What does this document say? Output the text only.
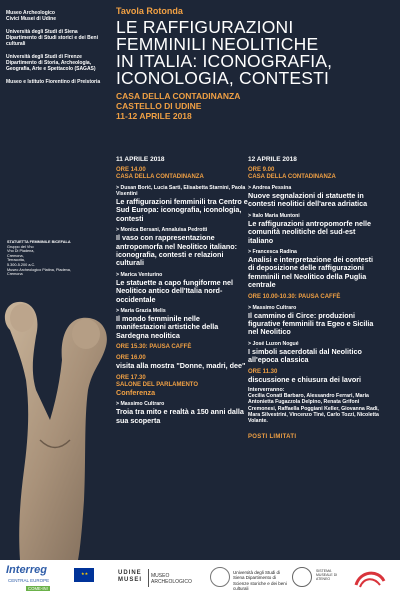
Museo Archeologico
Civici Musei di Udine
Università degli Studi di Siena
Dipartimento di Studi storici e dei Beni culturali
Università degli Studi di Firenze
Dipartimento di Storia, Archeologia, Geografia, Arte e Spettacolo (SAGAS)
Museo e Istituto Fiorentino di Preistoria
STATUETTA FEMMINILE BICEFALA
Gruppo del Vho
Vho Di Piadena,
Cremona,
Terracotta,
5.300-5.200 a.C.
Museo Archeologico Platina, Piadena, Cremona
Tavola Rotonda
LE RAFFIGURAZIONI
FEMMINILI NEOLITICHE
IN ITALIA: ICONOGRAFIA,
ICONOLOGIA, CONTESTI
CASA DELLA CONTADINANZA
CASTELLO DI UDINE
11-12 APRILE 2018
11 APRILE 2018
ORE 14.00
CASA DELLA CONTADINANZA
> Dusan Borić, Lucia Sarti, Elisabetta Starnini, Paola Visentini
Le raffigurazioni femminili tra Centro e Sud Europa: iconografia, iconologia, contesti
> Monica Bersani, Annaluisa Pedrotti
Il vaso con rappresentazione antropomorfa nel Neolitico italiano: iconografia, contesti e relazioni culturali
> Marica Venturino
Le statuette a capo fungiforme nel Neolitico antico dell'Italia nord-occidentale
> Maria Grazia Melis
Il mondo femminile nelle manifestazioni artistiche della Sardegna neolitica
ORE 15.30: PAUSA CAFFÈ
ORE 16.00
visita alla mostra "Donne, madri, dee"
ORE 17.30
SALONE DEL PARLAMENTO
Conferenza
> Massimo Cultraro
Troia tra mito e realtà a 150 anni dalla sua scoperta
12 APRILE 2018
ORE 9.00
CASA DELLA CONTADINANZA
> Andrea Pessina
Nuove segnalazioni di statuette in contesti neolitici dell'area adriatica
> Italo Maria Muntoni
Le raffigurazioni antropomorfe nelle comunità neolitiche del sud-est italiano
> Francesca Radina
Analisi e interpretazione dei contesti di deposizione delle raffigurazioni femminili nel Neolitico della Puglia centrale
ORE 10.00-10.30: PAUSA CAFFÈ
> Massimo Cultraro
Il cammino di Circe: produzioni figurative femminili tra Egeo e Sicilia nel Neolitico
> José Luzon Nogué
I simboli sacerdotali dal Neolitico all'epoca classica
ORE 11.30
discussione e chiusura dei lavori
Interverranno:
Cecilia Conati Barbaro, Alessandro Ferrari, Maria Antonietta Fugazzola Delpino, Renata Grifoni Cremonesi, Raffaella Poggiani Keller, Giovanna Radi, Mara Silvestrini, Vincenzo Tiné, Carlo Tozzi, Nicoletta Volante.
POSTI LIMITATI
Interreg
CENTRAL EUROPE
COME-IN!
★★	UDINE MUSEI
MUSEO ARCHEOLOGICO
Università degli Studi di Siena Dipartimento di Scienze storiche e dei beni culturali
SISTEMA MUSEALE DI ATENEO
